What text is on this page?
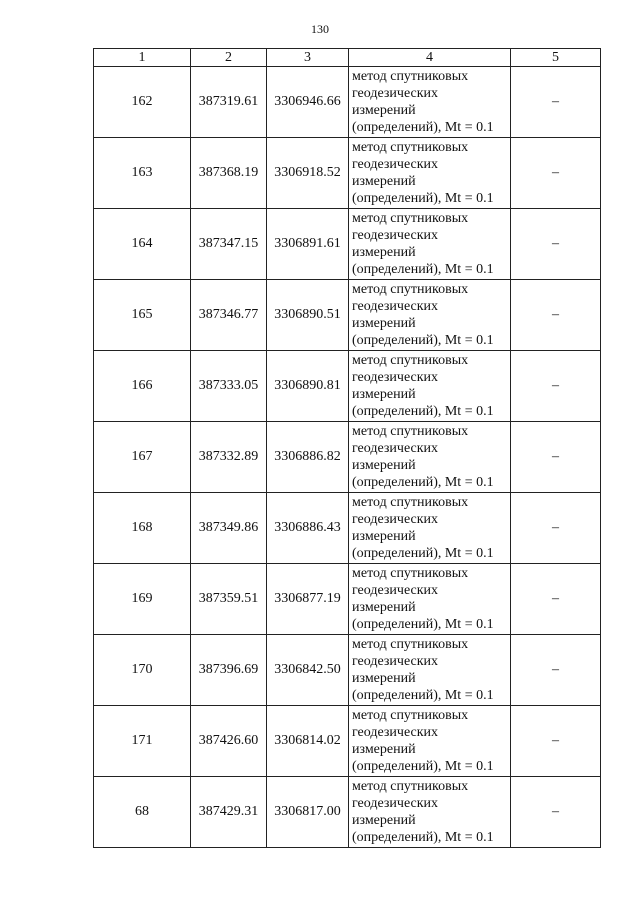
130
1	2	3	4	5
162	387319.61	3306946.66	метод спутниковых
геодезических
измерений
(определений), Mt = 0.1	–
163	387368.19	3306918.52	метод спутниковых
геодезических
измерений
(определений), Mt = 0.1	–
164	387347.15	3306891.61	метод спутниковых
геодезических
измерений
(определений), Mt = 0.1	–
165	387346.77	3306890.51	метод спутниковых
геодезических
измерений
(определений), Mt = 0.1	–
166	387333.05	3306890.81	метод спутниковых
геодезических
измерений
(определений), Mt = 0.1	–
167	387332.89	3306886.82	метод спутниковых
геодезических
измерений
(определений), Mt = 0.1	–
168	387349.86	3306886.43	метод спутниковых
геодезических
измерений
(определений), Mt = 0.1	–
169	387359.51	3306877.19	метод спутниковых
геодезических
измерений
(определений), Mt = 0.1	–
170	387396.69	3306842.50	метод спутниковых
геодезических
измерений
(определений), Mt = 0.1	–
171	387426.60	3306814.02	метод спутниковых
геодезических
измерений
(определений), Mt = 0.1	–
68	387429.31	3306817.00	метод спутниковых
геодезических
измерений
(определений), Mt = 0.1	–
